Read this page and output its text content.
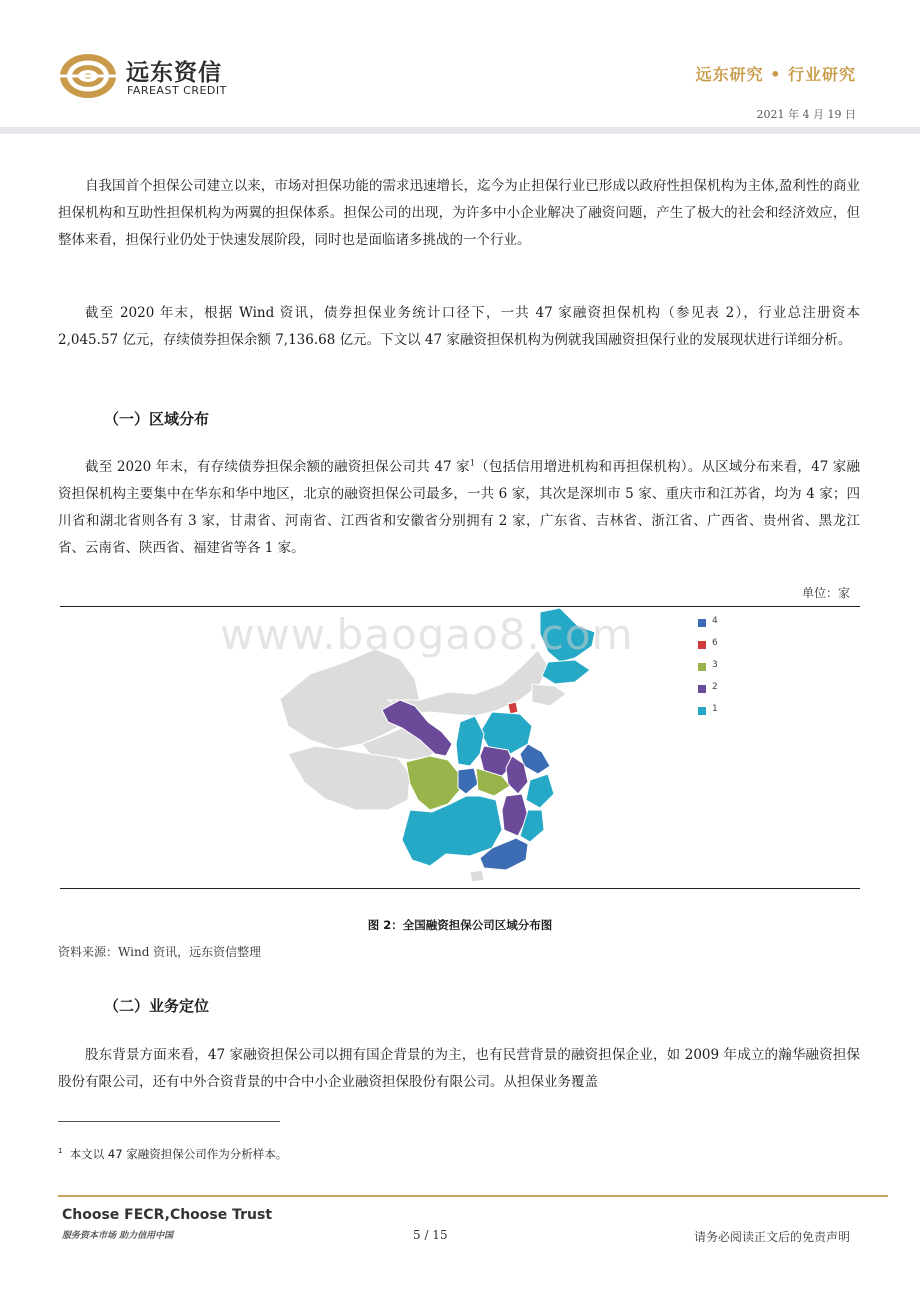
远东资信
FAREAST CREDIT
远东研究 • 行业研究
2021 年 4 月 19 日

自我国首个担保公司建立以来，市场对担保功能的需求迅速增长，迄今为止担保行业已形成以政府性担保机构为主体,盈利性的商业担保机构和互助性担保机构为两翼的担保体系。担保公司的出现，为许多中小企业解决了融资问题，产生了极大的社会和经济效应，但整体来看，担保行业仍处于快速发展阶段，同时也是面临诸多挑战的一个行业。

截至 2020 年末，根据 Wind 资讯，债券担保业务统计口径下，一共 47 家融资担保机构（参见表 2），行业总注册资本 2,045.57 亿元，存续债券担保余额 7,136.68 亿元。下文以 47 家融资担保机构为例就我国融资担保行业的发展现状进行详细分析。

（一）区域分布

截至 2020 年末，有存续债券担保余额的融资担保公司共 47 家$^1$（包括信用增进机构和再担保机构）。从区域分布来看，47 家融资担保机构主要集中在华东和华中地区，北京的融资担保公司最多，一共 6 家，其次是深圳市 5 家、重庆市和江苏省，均为 4 家；四川省和湖北省则各有 3 家，甘肃省、河南省、江西省和安徽省分别拥有 2 家，广东省、吉林省、浙江省、广西省、贵州省、黑龙江省、云南省、陕西省、福建省等各 1 家。

单位：家
www.baogao8.com	4
6
3
2
1
图 2：全国融资担保公司区域分布图
资料来源：Wind 资讯，远东资信整理
（二）业务定位

股东背景方面来看，47 家融资担保公司以拥有国企背景的为主，也有民营背景的融资担保企业，如 2009 年成立的瀚华融资担保股份有限公司，还有中外合资背景的中合中小企业融资担保股份有限公司。从担保业务覆盖

$^1$ 本文以 47 家融资担保公司作为分析样本。
Choose FECR,Choose Trust
服务资本市场 助力信用中国	5 / 15	请务必阅读正文后的免责声明
